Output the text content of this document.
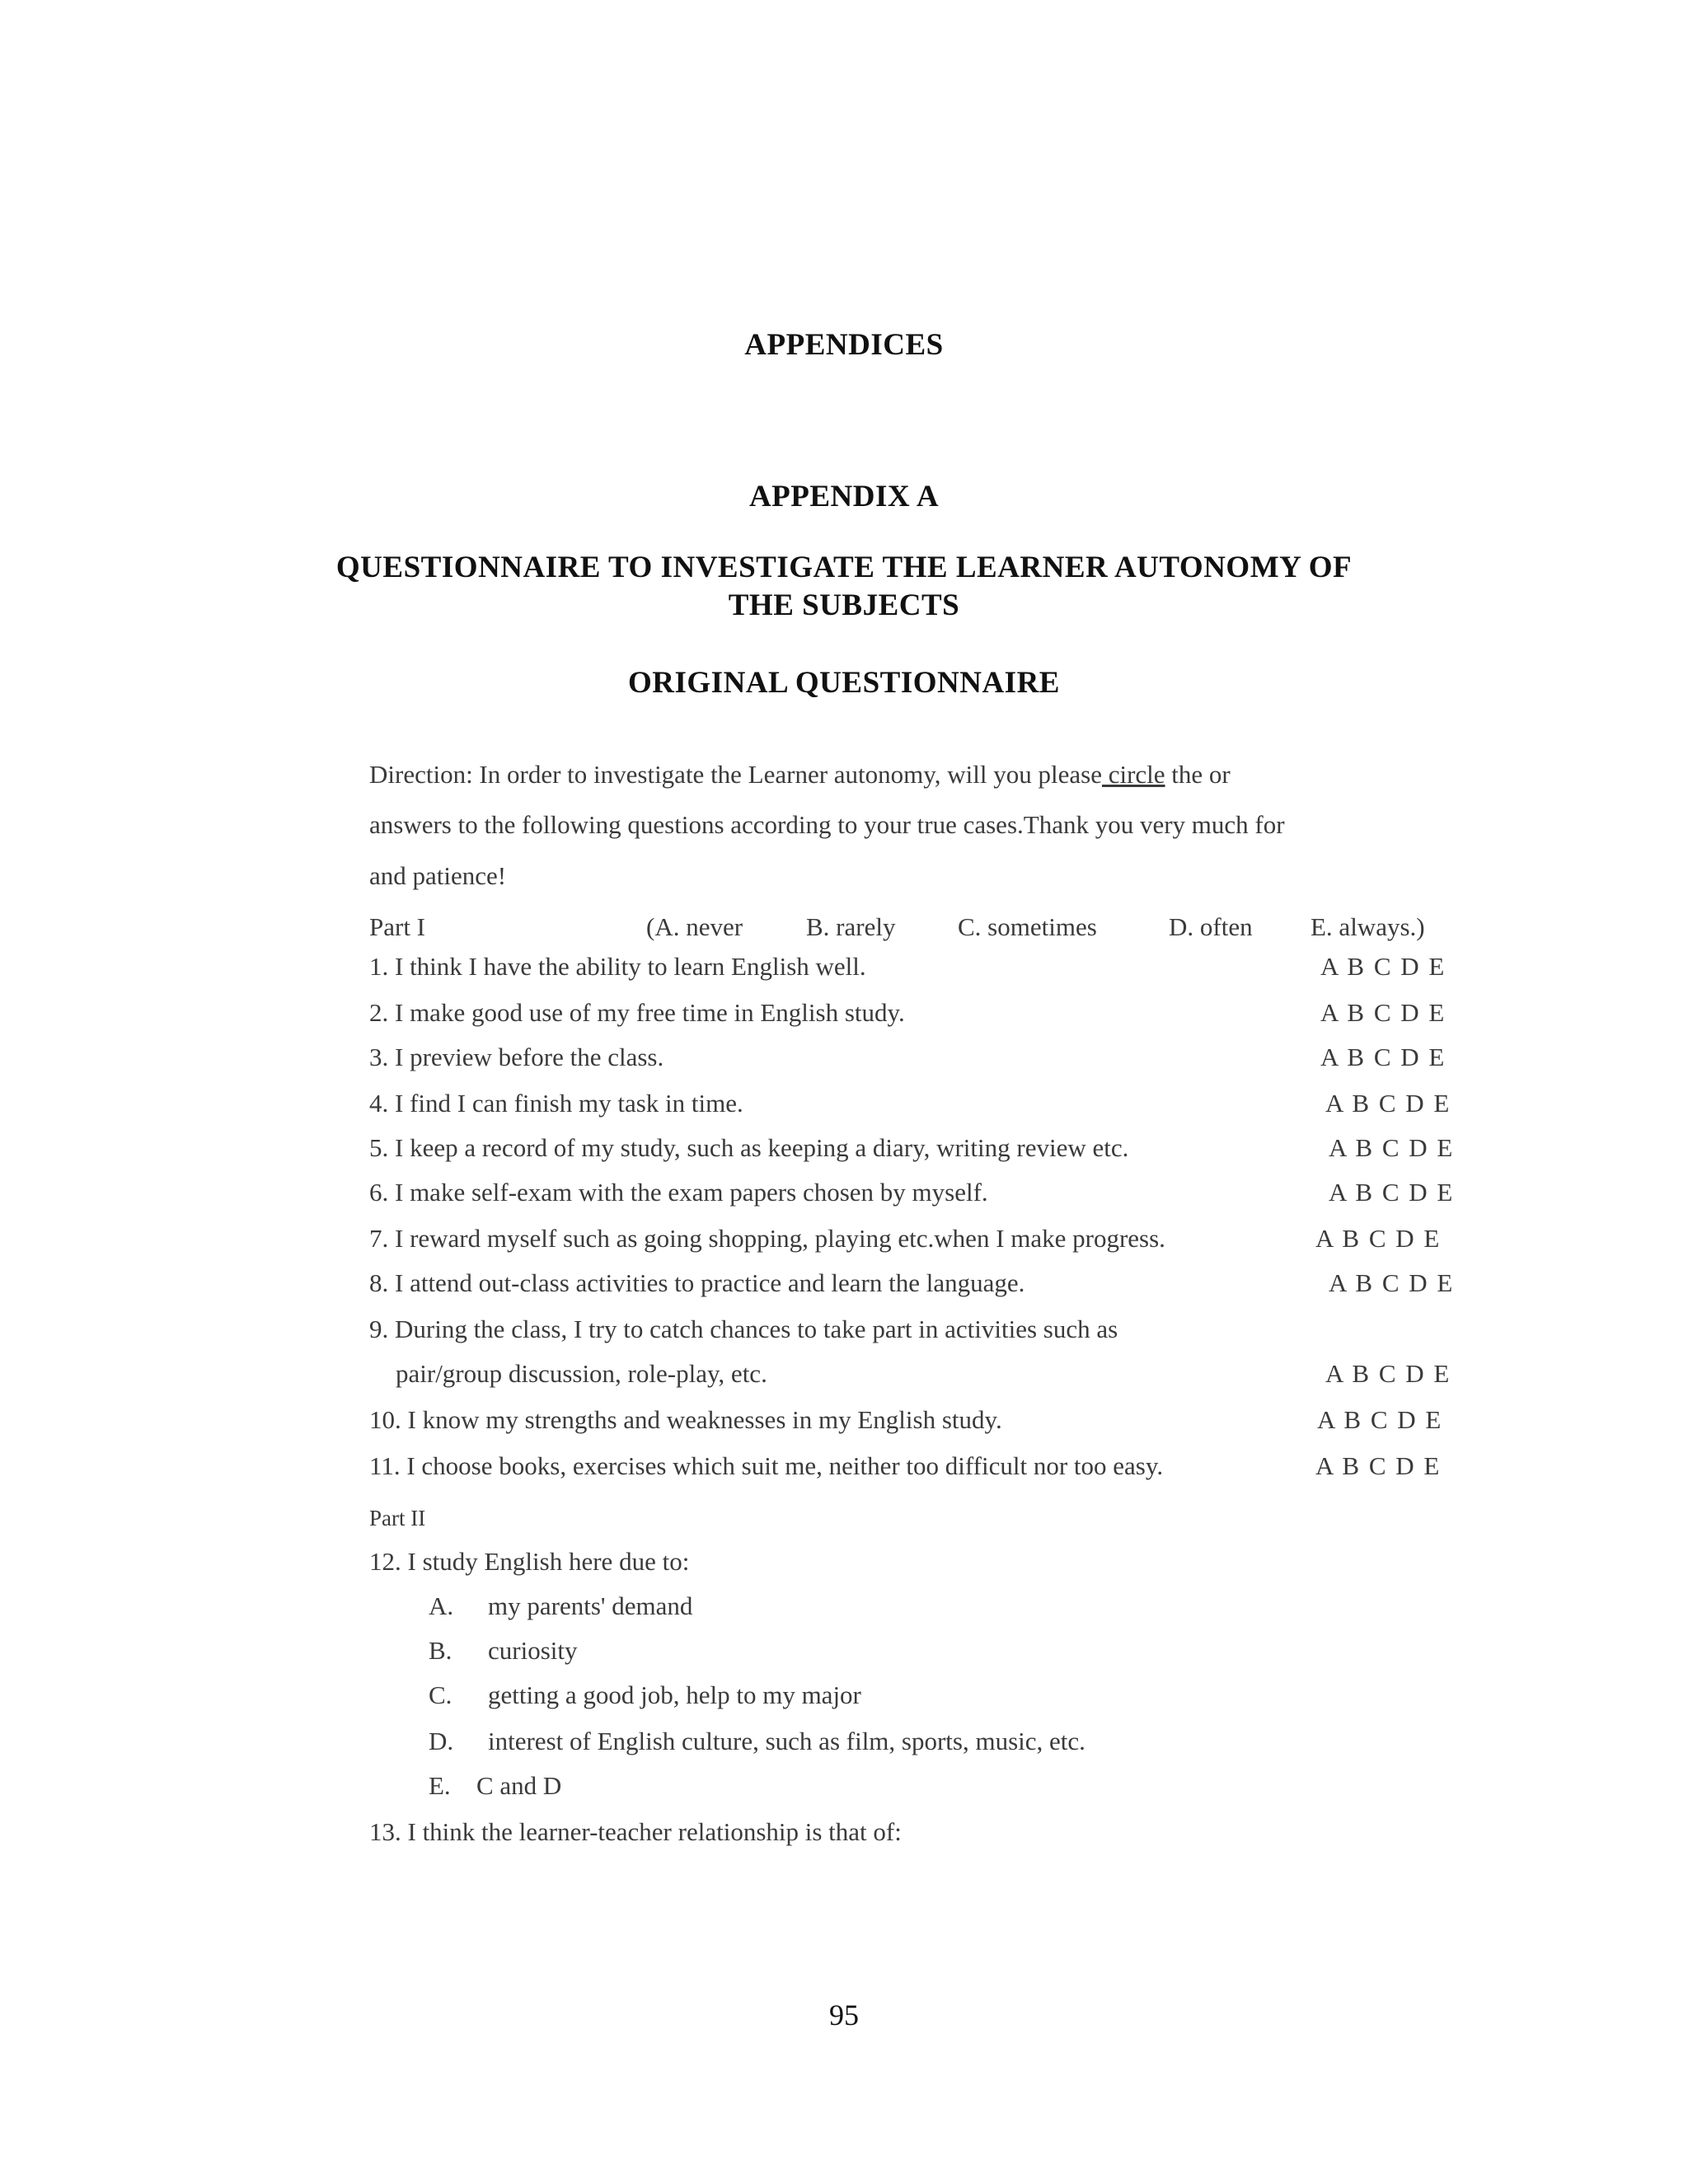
APPENDICES
APPENDIX A
QUESTIONNAIRE TO INVESTIGATE THE LEARNER AUTONOMY OF
THE SUBJECTS
ORIGINAL QUESTIONNAIRE
Direction: In order to investigate the Learner autonomy, will you please circle the or
answers to the following questions according to your true cases.Thank you very much for
and patience!
Part I	(A. never B. rarely C. sometimes	D. often E. always.)
1. I think I have the ability to learn English well.	A B C D E
2. I make good use of my free time in English study.	A B C D E
3. I preview before the class.	A B C D E
4. I find I can finish my task in time.	A B C D E
5. I keep a record of my study, such as keeping a diary, writing review etc.	A B C D E
6. I make self-exam with the exam papers chosen by myself.	A B C D E
7. I reward myself such as going shopping, playing etc.when I make progress.	A B C D E
8. I attend out-class activities to practice and learn the language.	A B C D E
9. During the class, I try to catch chances to take part in activities such as
pair/group discussion, role-play, etc.	A B C D E
10. I know my strengths and weaknesses in my English study.	A B C D E
11. I choose books, exercises which suit me, neither too difficult nor too easy.	A B C D E
Part II
12. I study English here due to:
A. my parents' demand
B. curiosity
C. getting a good job, help to my major
D. interest of English culture, such as film, sports, music, etc.
E. C and D
13. I think the learner-teacher relationship is that of:
95
